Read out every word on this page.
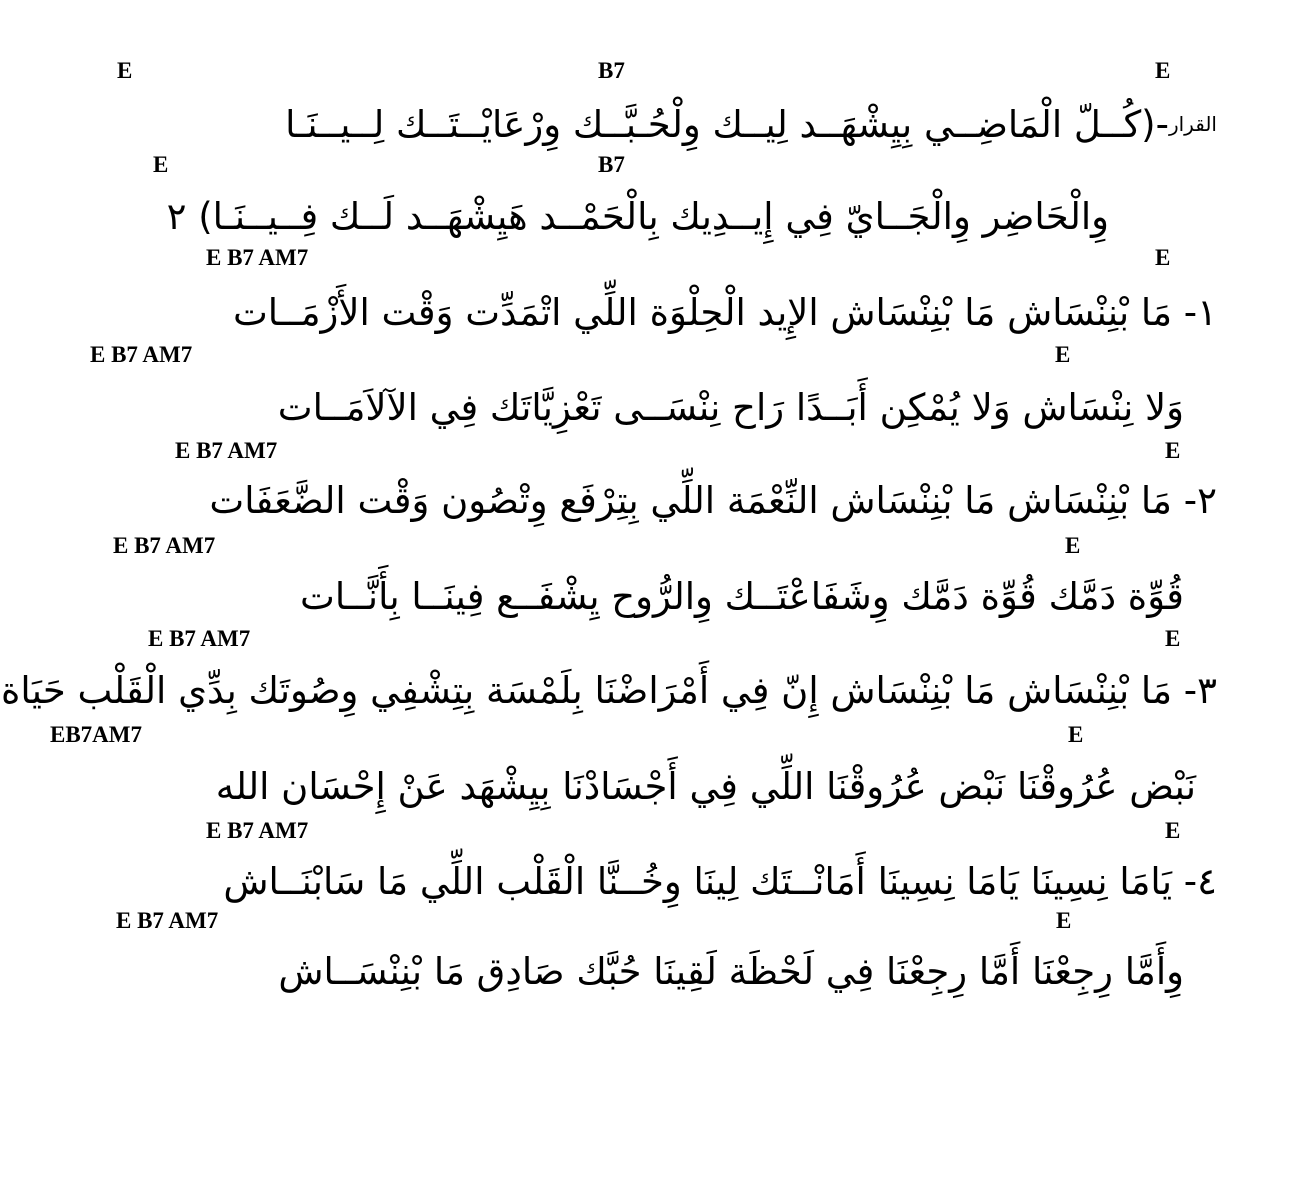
E	B7	E
القرار-(كُــلّ الْمَاضِــي بِيِشْهَــد لِيــك وِلْحُـبَّــك وِرْعَايْــتَــك لِــيــنَـا
E	B7
وِالْحَاضِر وِالْجَــايّ فِي إِيــدِيك بِالْحَمْــد هَيِشْهَــد لَــك فِــيــنَـا) ٢
E B7 AM7	E
١- مَا بْنِنْسَاش مَا بْنِنْسَاش الإِيد الْحِلْوَة اللِّي اتْمَدِّت وَقْت الأَزْمَــات
E B7 AM7	E
وَلا نِنْسَاش وَلا يُمْكِن أَبَــدًا رَاح نِنْسَــى تَعْزِيَّاتَك فِي الآلاَمَــات
E B7 AM7	E
٢- مَا بْنِنْسَاش مَا بْنِنْسَاش النِّعْمَة اللِّي بِتِرْفَع وِتْصُون وَقْت الضَّعَفَات
E B7 AM7	E
قُوِّة دَمَّك قُوِّة دَمَّك وِشَفَاعْتَــك وِالرُّوح يِشْفَــع فِينَــا بِأَنَّــات
E B7 AM7	E
٣- مَا بْنِنْسَاش مَا بْنِنْسَاش إِنّ فِي أَمْرَاضْنَا بِلَمْسَة بِتِشْفِي وِصُوتَك بِدِّي الْقَلْب حَيَاة
EB7AM7	E
نَبْض عُرُوقْنَا نَبْض عُرُوقْنَا اللِّي فِي أَجْسَادْنَا بِيِشْهَد عَنْ إِحْسَان الله
E B7 AM7	E
٤- يَامَا نِسِينَا يَامَا نِسِينَا أَمَانْــتَك لِينَا وِخُــنَّا الْقَلْب اللِّي مَا سَابْنَــاش
E B7 AM7	E
وِأَمَّا رِجِعْنَا أَمَّا رِجِعْنَا فِي لَحْظَة لَقِينَا حُبَّك صَادِق مَا بْنِنْسَــاش
